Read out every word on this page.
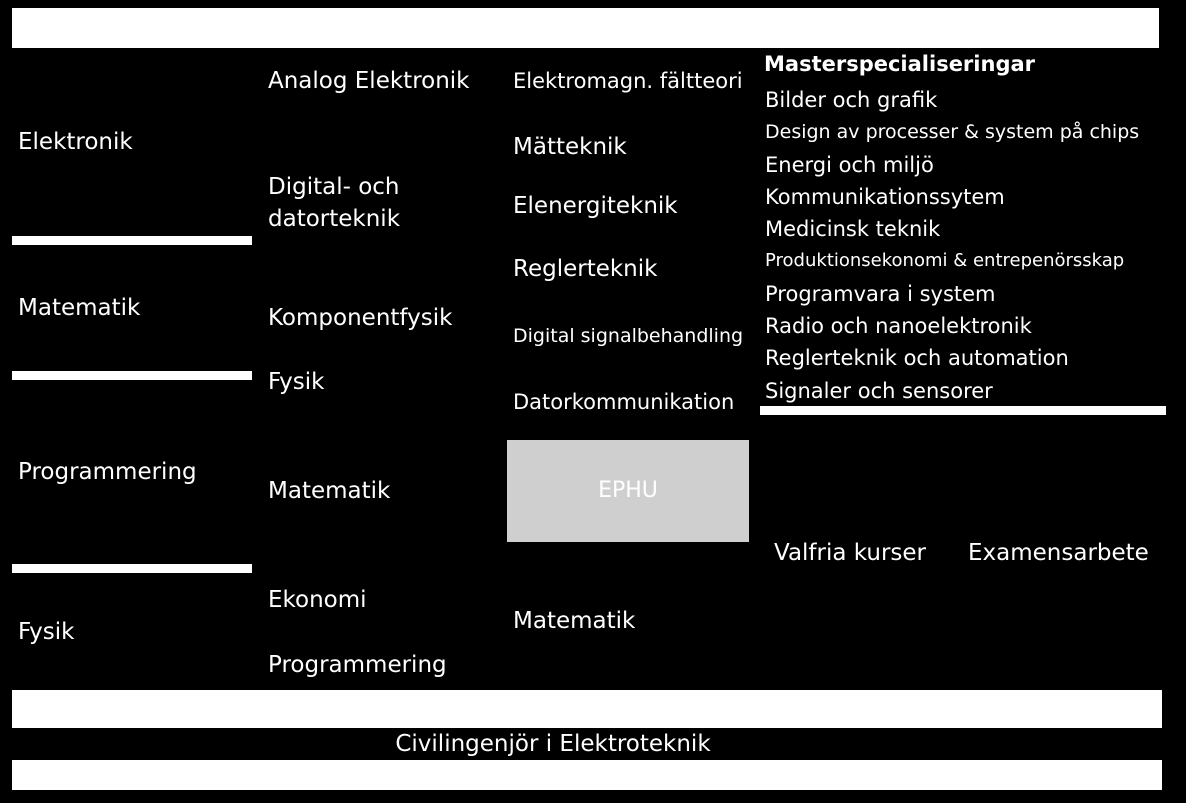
Elektronik
Matematik
Programmering
Fysik
Analog Elektronik
Digital- och datorteknik
Komponentfysik
Fysik
Matematik
Ekonomi
Programmering
Elektromagn. fältteori
Mätteknik
Elenergiteknik
Reglerteknik
Digital signalbehandling
Datorkommunikation
EPHU
Matematik
Masterspecialiseringar
Bilder och grafik
Design av processer & system på chips
Energi och miljö
Kommunikationssytem
Medicinsk teknik
Produktionsekonomi & entrepenörsskap
Programvara i system
Radio och nanoelektronik
Reglerteknik och automation
Signaler och sensorer
Valfria kurser Examensarbete
Civilingenjör i Elektroteknik
